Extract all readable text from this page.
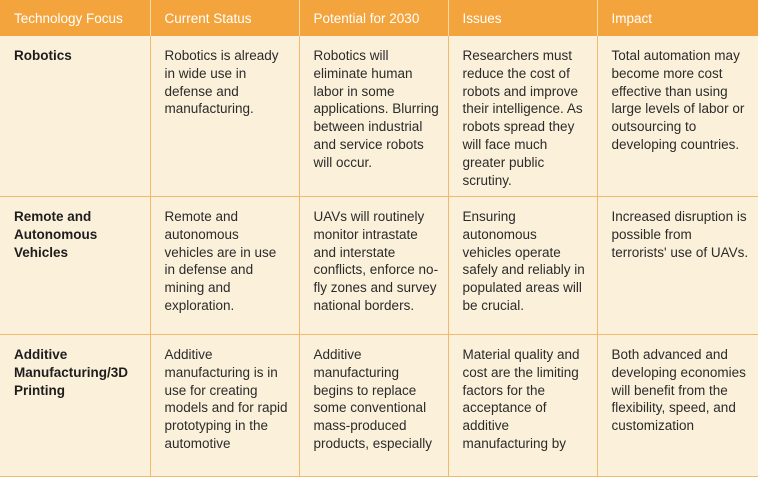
Technology Focus	Current Status	Potential for 2030	Issues	Impact
Robotics	Robotics is already in wide use in defense and manufacturing.	Robotics will eliminate human labor in some applications. Blurring between industrial and service robots will occur.	Researchers must reduce the cost of robots and improve their intelligence. As robots spread they will face much greater public scrutiny.	Total automation may become more cost effective than using large levels of labor or outsourcing to developing countries.
Remote and Autonomous Vehicles	Remote and autonomous vehicles are in use in defense and mining and exploration.	UAVs will routinely monitor intrastate and interstate conflicts, enforce no-fly zones and survey national borders.	Ensuring autonomous vehicles operate safely and reliably in populated areas will be crucial.	Increased disruption is possible from terrorists' use of UAVs.
Additive Manufacturing/3D Printing	Additive manufacturing is in use for creating models and for rapid prototyping in the automotive	Additive manufacturing begins to replace some conventional mass-produced products, especially	Material quality and cost are the limiting factors for the acceptance of additive manufacturing by	Both advanced and developing economies will benefit from the flexibility, speed, and customization
